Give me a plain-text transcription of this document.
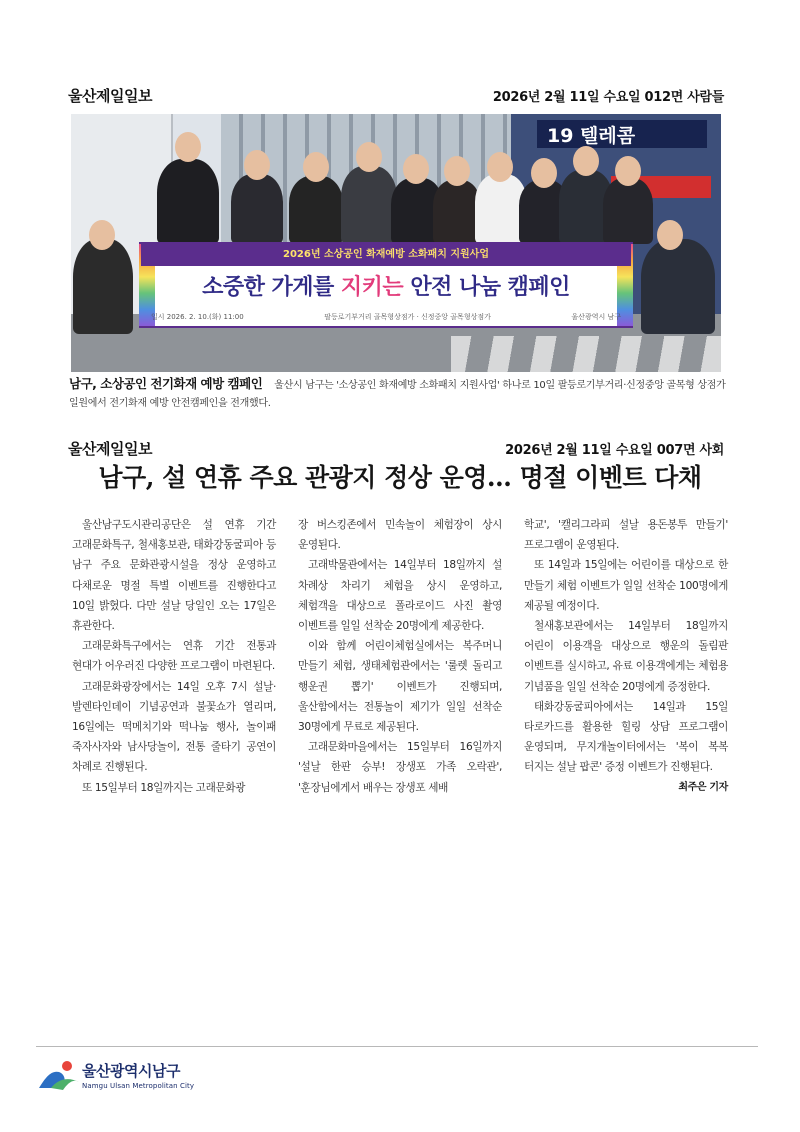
울산제일일보	2026년 2월 11일 수요일 012면 사람들
19 텔레콤
2026년 소상공인 화재예방 소화패치 지원사업
소중한 가게를 지키는 안전 나눔 캠페인
일시 2026. 2. 10.(화) 11:00	팔등로기부거리 골목형상점가 · 신정중앙 골목형상점가	울산광역시 남구
남구, 소상공인 전기화재 예방 캠페인 울산시 남구는 '소상공인 화재예방 소화패치 지원사업' 하나로 10일 팔등로기부거리·신정중앙 골목형 상점가 일원에서 전기화재 예방 안전캠페인을 전개했다.
울산제일일보	2026년 2월 11일 수요일 007면 사회
남구, 설 연휴 주요 관광지 정상 운영… 명절 이벤트 다채

울산남구도시관리공단은 설 연휴 기간 고래문화특구, 철새홍보관, 태화강동굴피아 등 남구 주요 문화관광시설을 정상 운영하고 다채로운 명절 특별 이벤트를 진행한다고 10일 밝혔다. 다만 설날 당일인 오는 17일은 휴관한다.

고래문화특구에서는 연휴 기간 전통과 현대가 어우러진 다양한 프로그램이 마련된다.

고래문화광장에서는 14일 오후 7시 설날·발렌타인데이 기념공연과 불꽃쇼가 열리며, 16일에는 떡메치기와 떡나눔 행사, 놀이패 죽자사자와 남사당놀이, 전통 줄타기 공연이 차례로 진행된다.

또 15일부터 18일까지는 고래문화광

장 버스킹존에서 민속놀이 체험장이 상시 운영된다.

고래박물관에서는 14일부터 18일까지 설 차례상 차리기 체험을 상시 운영하고, 체험객을 대상으로 폴라로이드 사진 촬영 이벤트를 일일 선착순 20명에게 제공한다.

이와 함께 어린이체험실에서는 복주머니 만들기 체험, 생태체험관에서는 '룰렛 돌리고 행운권 뽑기' 이벤트가 진행되며, 울산함에서는 전통놀이 제기가 일일 선착순 30명에게 무료로 제공된다.

고래문화마을에서는 15일부터 16일까지 '설날 한판 승부! 장생포 가족 오락관', '훈장님에게서 배우는 장생포 세배

학교', '캘리그라피 설날 용돈봉투 만들기' 프로그램이 운영된다.

또 14일과 15일에는 어린이를 대상으로 한 만들기 체험 이벤트가 일일 선착순 100명에게 제공될 예정이다.

철새홍보관에서는 14일부터 18일까지 어린이 이용객을 대상으로 행운의 돌림판 이벤트를 실시하고, 유료 이용객에게는 체험용 기념품을 일일 선착순 20명에게 증정한다.

태화강동굴피아에서는 14일과 15일 타로카드를 활용한 힐링 상담 프로그램이 운영되며, 무지개놀이터에서는 '복이 복복 터지는 설날 팝콘' 증정 이벤트가 진행된다.

최주은 기자
울산광역시남구
Namgu Ulsan Metropolitan City
